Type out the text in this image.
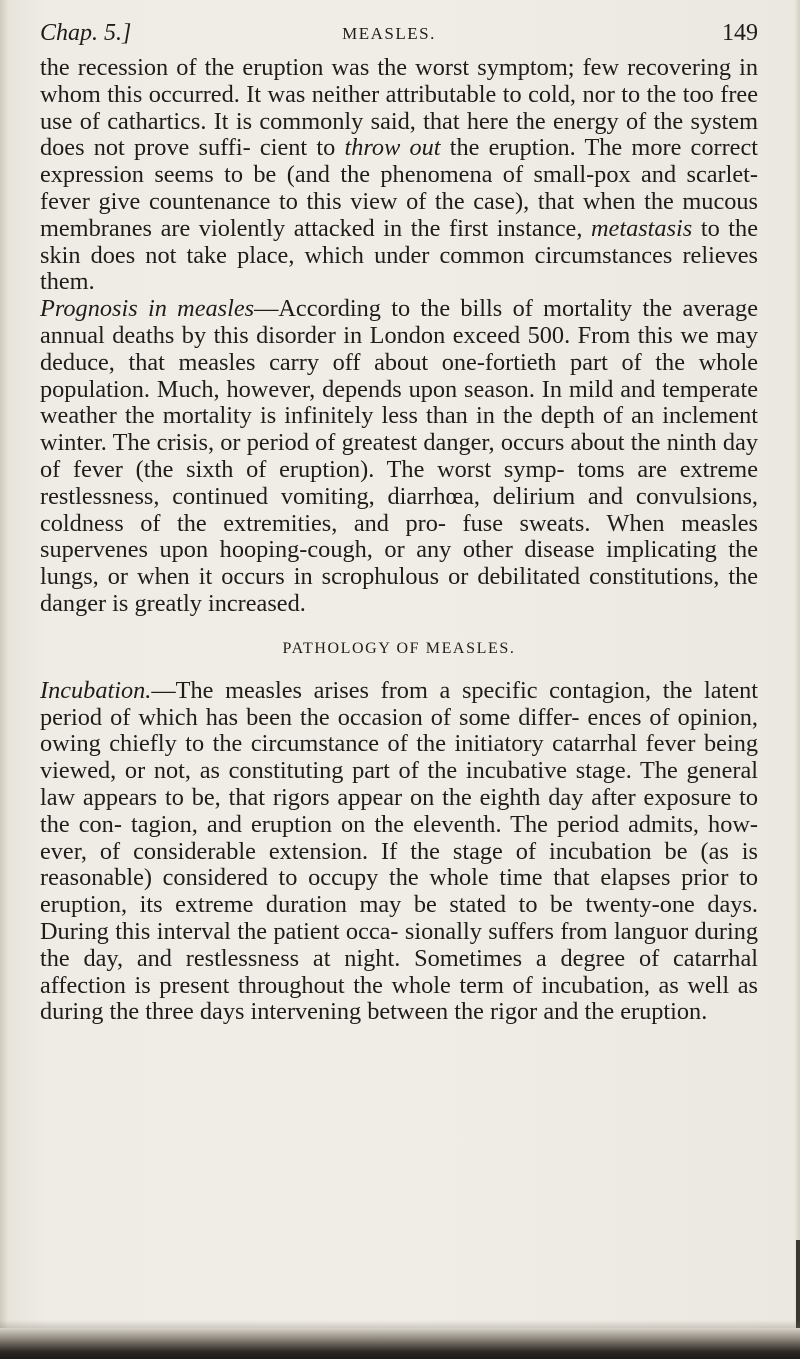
Chap. 5.]	MEASLES.	149

the recession of the eruption was the worst symptom; few recovering in whom this occurred. It was neither attributable to cold, nor to the too free use of cathartics. It is commonly said, that here the energy of the system does not prove suffi- cient to throw out the eruption. The more correct expression seems to be (and the phenomena of small-pox and scarlet-fever give countenance to this view of the case), that when the mucous membranes are violently attacked in the first instance, metastasis to the skin does not take place, which under common circumstances relieves them.

Prognosis in measles—According to the bills of mortality the average annual deaths by this disorder in London exceed 500. From this we may deduce, that measles carry off about one-fortieth part of the whole population. Much, however, depends upon season. In mild and temperate weather the mortality is infinitely less than in the depth of an inclement winter. The crisis, or period of greatest danger, occurs about the ninth day of fever (the sixth of eruption). The worst symp- toms are extreme restlessness, continued vomiting, diarrhœa, delirium and convulsions, coldness of the extremities, and pro- fuse sweats. When measles supervenes upon hooping-cough, or any other disease implicating the lungs, or when it occurs in scrophulous or debilitated constitutions, the danger is greatly increased.

PATHOLOGY OF MEASLES.

Incubation.—The measles arises from a specific contagion, the latent period of which has been the occasion of some differ- ences of opinion, owing chiefly to the circumstance of the initiatory catarrhal fever being viewed, or not, as constituting part of the incubative stage. The general law appears to be, that rigors appear on the eighth day after exposure to the con- tagion, and eruption on the eleventh. The period admits, how- ever, of considerable extension. If the stage of incubation be (as is reasonable) considered to occupy the whole time that elapses prior to eruption, its extreme duration may be stated to be twenty-one days. During this interval the patient occa- sionally suffers from languor during the day, and restlessness at night. Sometimes a degree of catarrhal affection is present throughout the whole term of incubation, as well as during the three days intervening between the rigor and the eruption.
